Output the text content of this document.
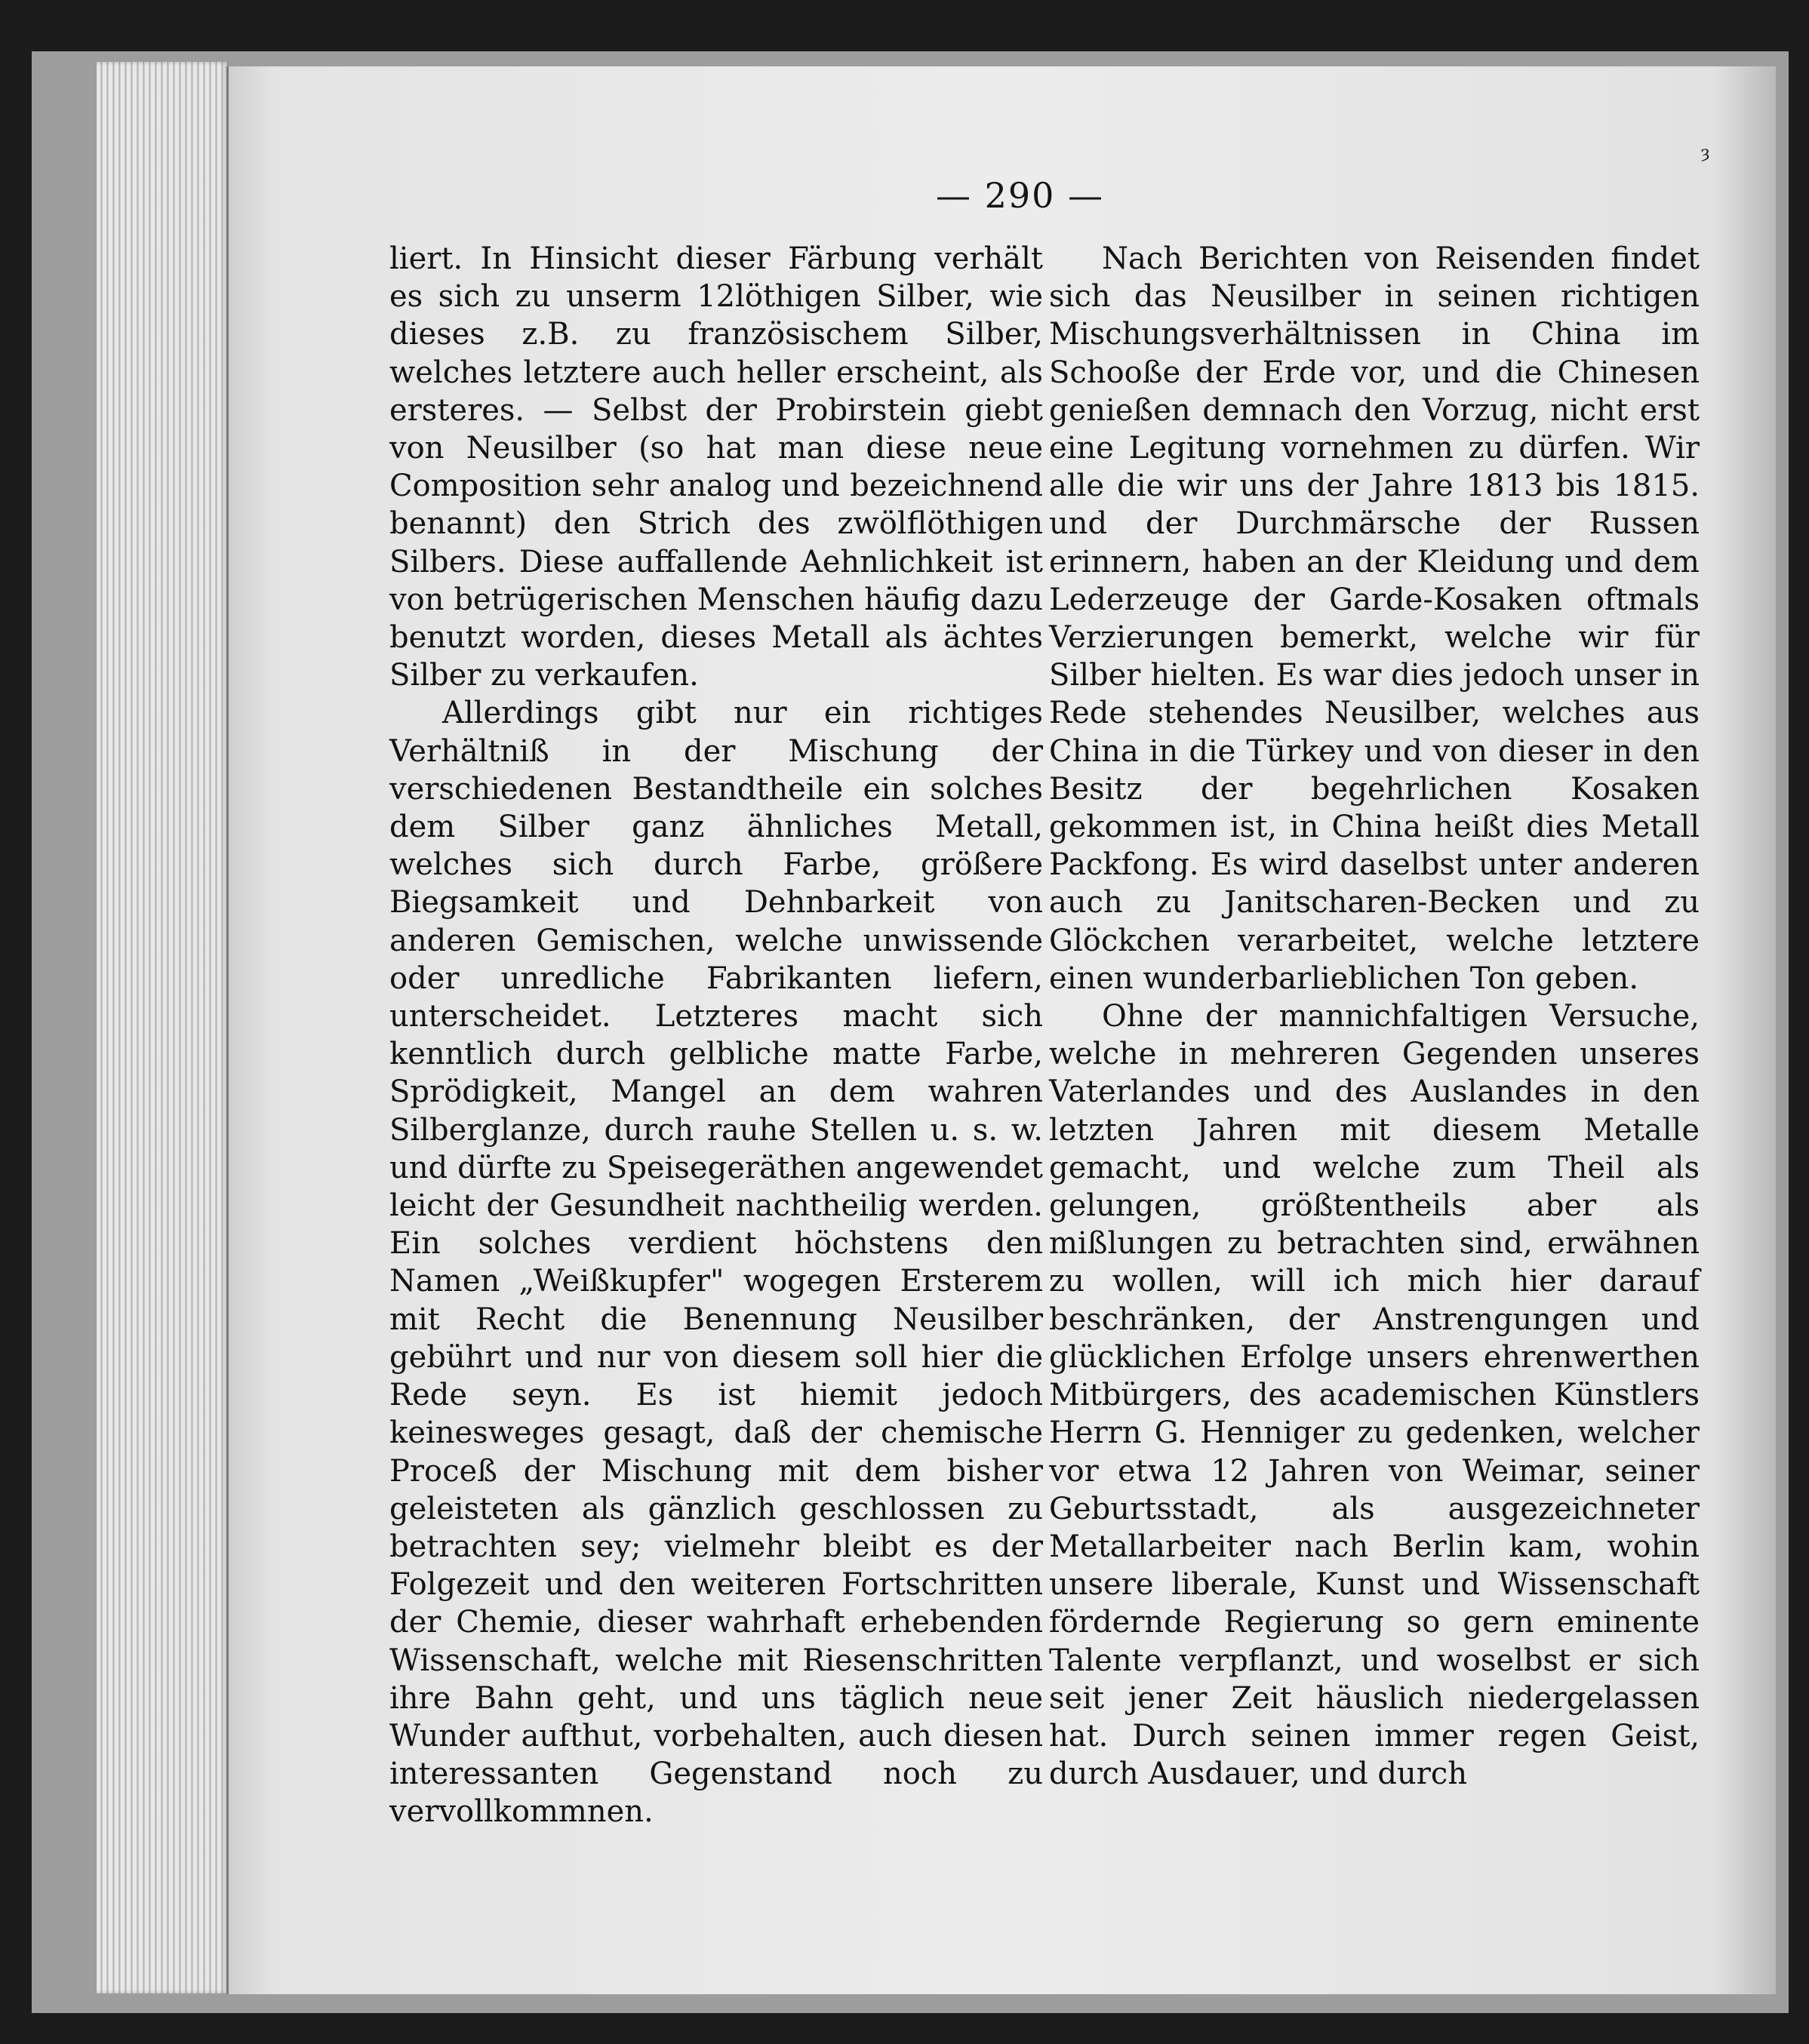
ȝ
— 290 —

liert. In Hinsicht dieser Färbung verhält es sich zu unserm 12löthigen Silber, wie dieses z.B. zu französischem Silber, welches letztere auch heller erscheint, als ersteres. — Selbst der Probirstein giebt von Neusilber (so hat man diese neue Composition sehr analog und bezeichnend benannt) den Strich des zwölflöthigen Silbers. Diese auffallende Aehnlichkeit ist von betrügerischen Menschen häufig dazu benutzt worden, dieses Metall als ächtes Silber zu verkaufen.

Allerdings gibt nur ein richtiges Verhältniß in der Mischung der verschiedenen Bestandtheile ein solches dem Silber ganz ähnliches Metall, welches sich durch Farbe, größere Biegsamkeit und Dehnbarkeit von anderen Gemischen, welche unwissende oder unredliche Fabrikanten liefern, unterscheidet. Letzteres macht sich kenntlich durch gelbliche matte Farbe, Sprödigkeit, Mangel an dem wahren Silberglanze, durch rauhe Stellen u. s. w. und dürfte zu Speisegeräthen angewendet leicht der Gesundheit nachtheilig werden. Ein solches verdient höchstens den Namen „Weißkupfer" wogegen Ersterem mit Recht die Benennung Neusilber gebührt und nur von diesem soll hier die Rede seyn. Es ist hiemit jedoch keinesweges gesagt, daß der chemische Proceß der Mischung mit dem bisher geleisteten als gänzlich geschlossen zu betrachten sey; vielmehr bleibt es der Folgezeit und den weiteren Fortschritten der Chemie, dieser wahrhaft erhebenden Wissenschaft, welche mit Riesenschritten ihre Bahn geht, und uns täglich neue Wunder aufthut, vorbehalten, auch diesen interessanten Gegenstand noch zu vervollkommnen.

Nach Berichten von Reisenden findet sich das Neusilber in seinen richtigen Mischungsverhältnissen in China im Schooße der Erde vor, und die Chinesen genießen demnach den Vorzug, nicht erst eine Legitung vornehmen zu dürfen. Wir alle die wir uns der Jahre 1813 bis 1815. und der Durchmärsche der Russen erinnern, haben an der Kleidung und dem Lederzeuge der Garde-Kosaken oftmals Verzierungen bemerkt, welche wir für Silber hielten. Es war dies jedoch unser in Rede stehendes Neusilber, welches aus China in die Türkey und von dieser in den Besitz der begehrlichen Kosaken gekommen ist, in China heißt dies Metall Packfong. Es wird daselbst unter anderen auch zu Janitscharen-Becken und zu Glöckchen verarbeitet, welche letztere einen wunderbarlieblichen Ton geben.

Ohne der mannichfaltigen Versuche, welche in mehreren Gegenden unseres Vaterlandes und des Auslandes in den letzten Jahren mit diesem Metalle gemacht, und welche zum Theil als gelungen, größtentheils aber als mißlungen zu betrachten sind, erwähnen zu wollen, will ich mich hier darauf beschränken, der Anstrengungen und glücklichen Erfolge unsers ehrenwerthen Mitbürgers, des academischen Künstlers Herrn G. Henniger zu gedenken, welcher vor etwa 12 Jahren von Weimar, seiner Geburtsstadt, als ausgezeichneter Metallarbeiter nach Berlin kam, wohin unsere liberale, Kunst und Wissenschaft fördernde Regierung so gern eminente Talente verpflanzt, und woselbst er sich seit jener Zeit häuslich niedergelassen hat. Durch seinen immer regen Geist, durch Ausdauer, und durch
